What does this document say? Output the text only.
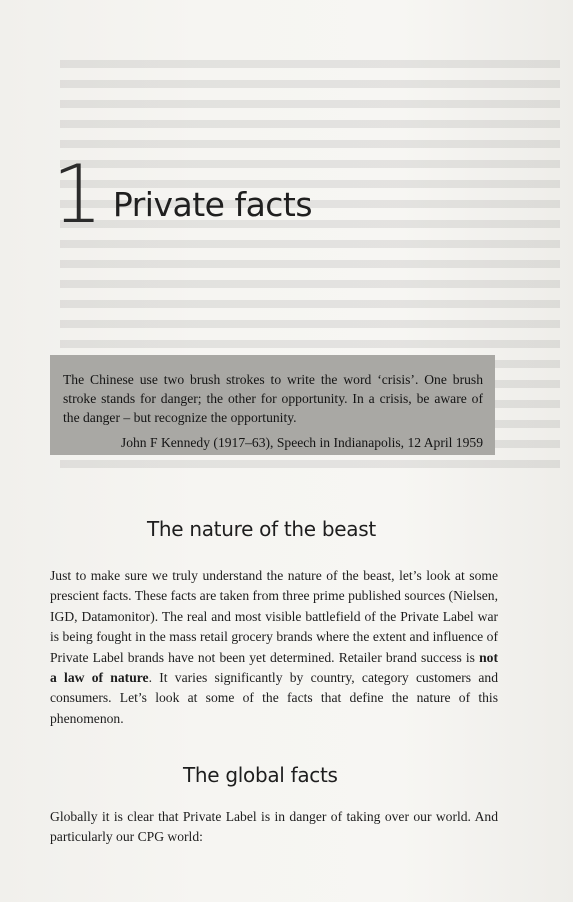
1 Private facts

The Chinese use two brush strokes to write the word ‘crisis’. One brush stroke stands for danger; the other for opportunity. In a crisis, be aware of the danger – but recognize the opportunity.

John F Kennedy (1917–63), Speech in Indianapolis, 12 April 1959

The nature of the beast

Just to make sure we truly understand the nature of the beast, let’s look at some prescient facts. These facts are taken from three prime published sources (Nielsen, IGD, Datamonitor). The real and most visible battlefield of the Private Label war is being fought in the mass retail grocery brands where the extent and influence of Private Label brands have not been yet determined. Retailer brand success is not a law of nature. It varies significantly by country, category customers and consumers. Let’s look at some of the facts that define the nature of this phenomenon.

The global facts

Globally it is clear that Private Label is in danger of taking over our world. And particularly our CPG world:
